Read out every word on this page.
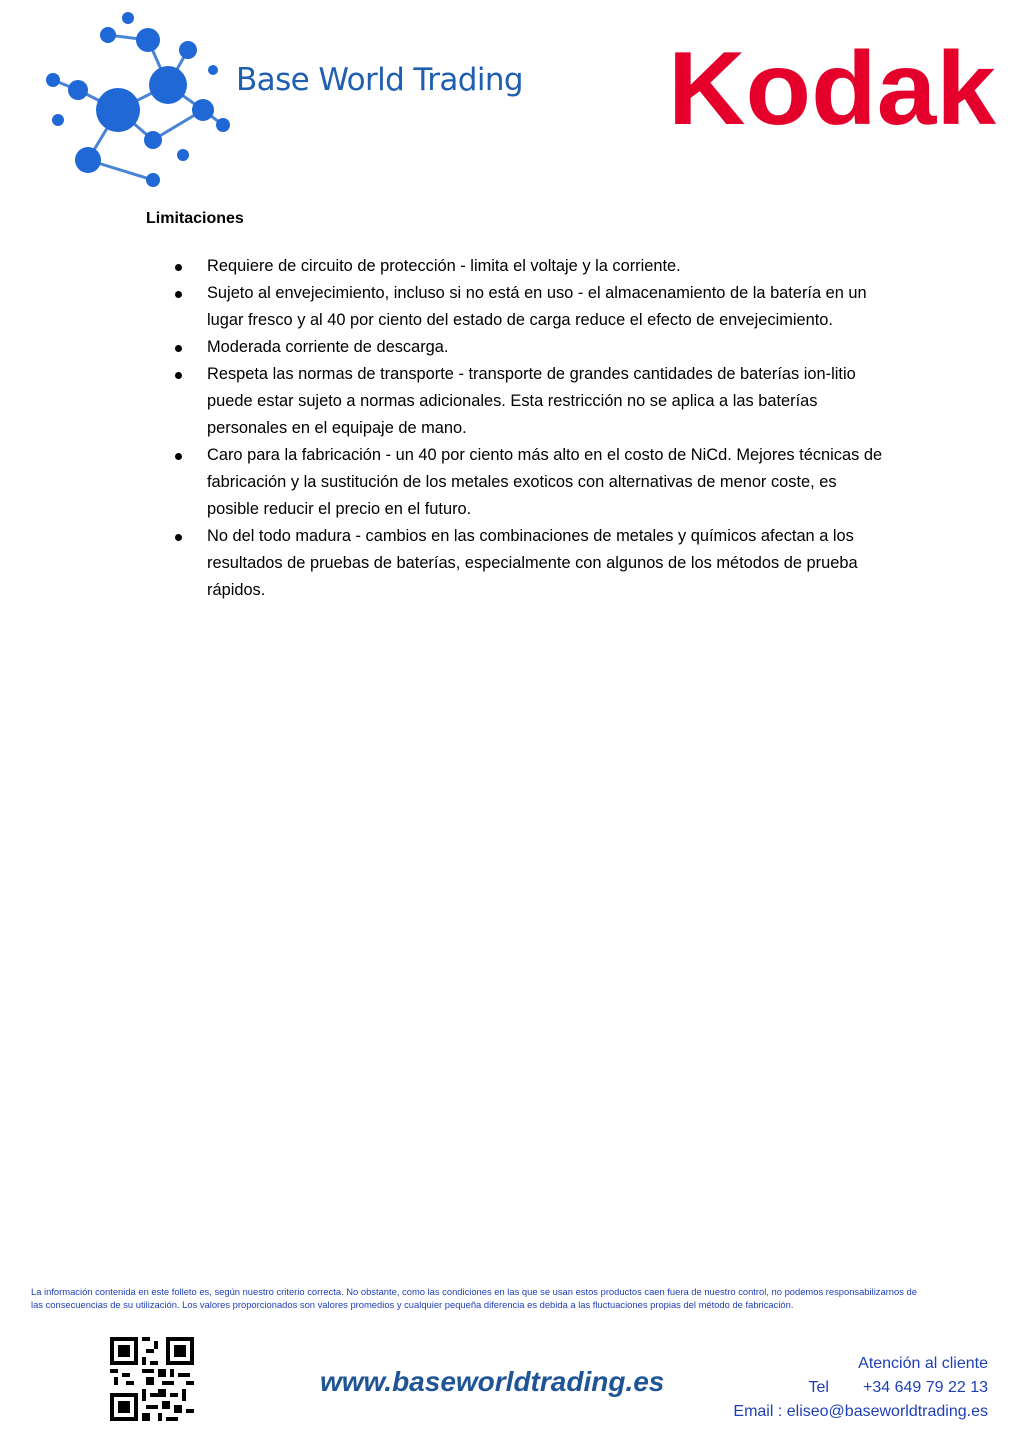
Base World Trading Kodak
Limitaciones
Requiere de circuito de protección - limita el voltaje y la corriente.
Sujeto al envejecimiento, incluso si no está en uso - el almacenamiento de la batería en un lugar fresco y al 40 por ciento del estado de carga reduce el efecto de envejecimiento.
Moderada corriente de descarga.
Respeta las normas de transporte - transporte de grandes cantidades de baterías ion-litio puede estar sujeto a normas adicionales. Esta restricción no se aplica a las baterías personales en el equipaje de mano.
Caro para la fabricación - un 40 por ciento más alto en el costo de NiCd. Mejores técnicas de fabricación y la sustitución de los metales exoticos con alternativas de menor coste, es posible reducir el precio en el futuro.
No del todo madura - cambios en las combinaciones de metales y químicos afectan a los resultados de pruebas de baterías, especialmente con algunos de los métodos de prueba rápidos.
La información contenida en este folleto es, según nuestro criterio correcta. No obstante, como las condiciones en las que se usan estos productos caen fuera de nuestro control, no podemos responsabilizarnos de
las consecuencias de su utilización. Los valores proporcionados son valores promedios y cualquier pequeña diferencia es debida a las fluctuaciones propias del método de fabricación.
www.baseworldtrading.es
Atención al cliente
Tel +34 649 79 22 13
Email : eliseo@baseworldtrading.es
